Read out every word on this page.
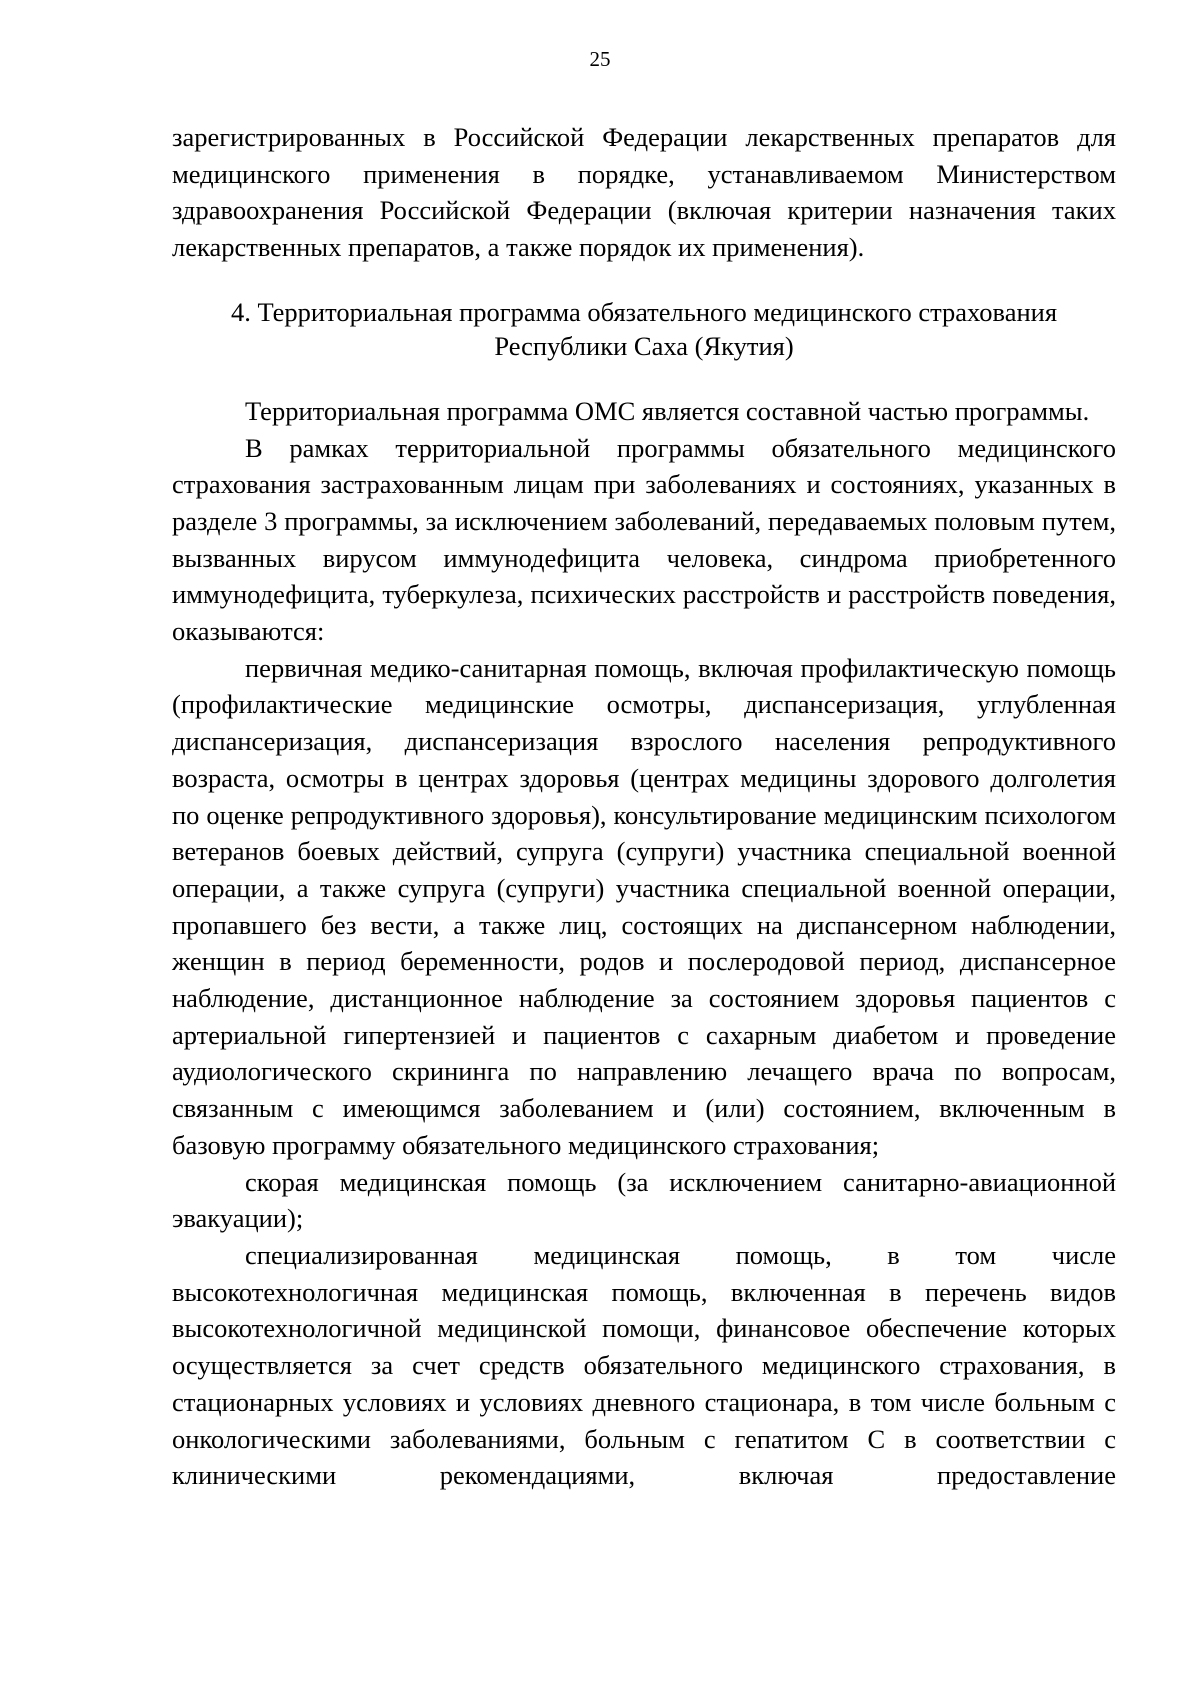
25

зарегистрированных в Российской Федерации лекарственных препаратов для медицинского применения в порядке, устанавливаемом Министерством здравоохранения Российской Федерации (включая критерии назначения таких лекарственных препаратов, а также порядок их применения).

4. Территориальная программа обязательного медицинского страхования
Республики Саха (Якутия)

Территориальная программа ОМС является составной частью программы.

В рамках территориальной программы обязательного медицинского страхования застрахованным лицам при заболеваниях и состояниях, указанных в разделе 3 программы, за исключением заболеваний, передаваемых половым путем, вызванных вирусом иммунодефицита человека, синдрома приобретенного иммунодефицита, туберкулеза, психических расстройств и расстройств поведения, оказываются:

первичная медико-санитарная помощь, включая профилактическую помощь (профилактические медицинские осмотры, диспансеризация, углубленная диспансеризация, диспансеризация взрослого населения репродуктивного возраста, осмотры в центрах здоровья (центрах медицины здорового долголетия по оценке репродуктивного здоровья), консультирование медицинским психологом ветеранов боевых действий, супруга (супруги) участника специальной военной операции, а также супруга (супруги) участника специальной военной операции, пропавшего без вести, а также лиц, состоящих на диспансерном наблюдении, женщин в период беременности, родов и послеродовой период, диспансерное наблюдение, дистанционное наблюдение за состоянием здоровья пациентов с артериальной гипертензией и пациентов с сахарным диабетом и проведение аудиологического скрининга по направлению лечащего врача по вопросам, связанным с имеющимся заболеванием и (или) состоянием, включенным в базовую программу обязательного медицинского страхования;

скорая медицинская помощь (за исключением санитарно-авиационной эвакуации);

специализированная медицинская помощь, в том числе высокотехнологичная медицинская помощь, включенная в перечень видов высокотехнологичной медицинской помощи, финансовое обеспечение которых осуществляется за счет средств обязательного медицинского страхования, в стационарных условиях и условиях дневного стационара, в том числе больным с онкологическими заболеваниями, больным с гепатитом С в соответствии с клиническими рекомендациями, включая предоставление
